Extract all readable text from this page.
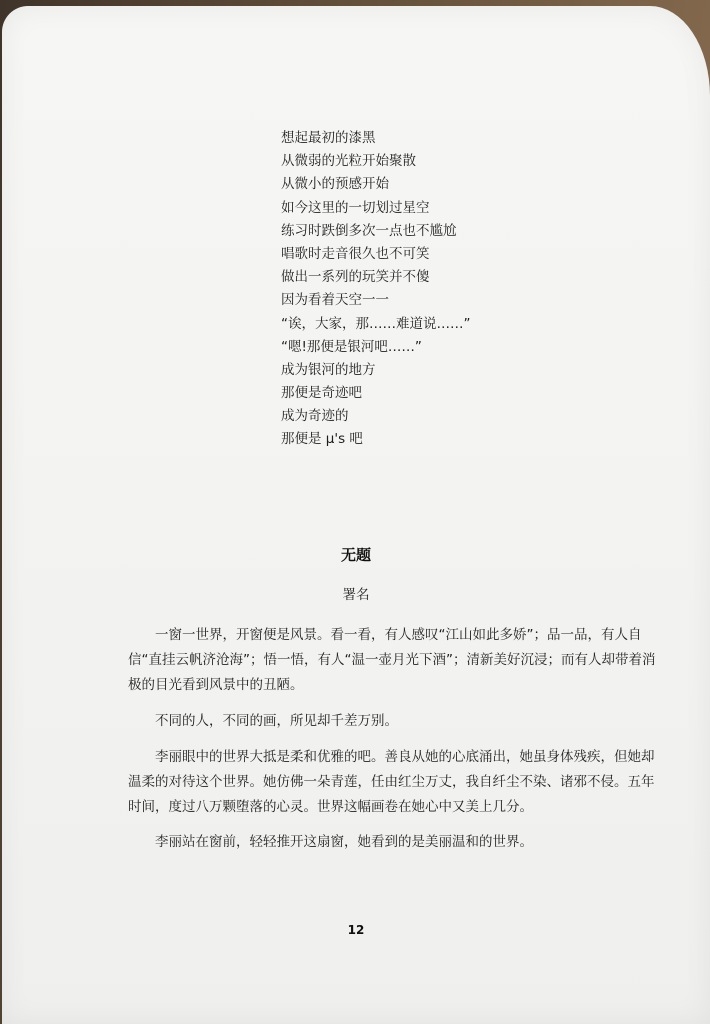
想起最初的漆黑
从微弱的光粒开始聚散
从微小的预感开始
如今这里的一切划过星空
练习时跌倒多次一点也不尴尬
唱歌时走音很久也不可笑
做出一系列的玩笑并不傻
因为看着天空一一
“诶，大家，那……难道说……”
“嗯!那便是银河吧……”
成为银河的地方
那便是奇迹吧
成为奇迹的
那便是 μ's 吧
无题

署名

一窗一世界，开窗便是风景。看一看，有人感叹“江山如此多娇”；品一品，有人自信“直挂云帆济沧海”；悟一悟，有人“温一壶月光下酒”；清新美好沉浸；而有人却带着消极的目光看到风景中的丑陋。

不同的人，不同的画，所见却千差万别。

李丽眼中的世界大抵是柔和优雅的吧。善良从她的心底涌出，她虽身体残疾，但她却温柔的对待这个世界。她仿佛一朵青莲，任由红尘万丈，我自纤尘不染、诸邪不侵。五年时间，度过八万颗堕落的心灵。世界这幅画卷在她心中又美上几分。

李丽站在窗前，轻轻推开这扇窗，她看到的是美丽温和的世界。

12
